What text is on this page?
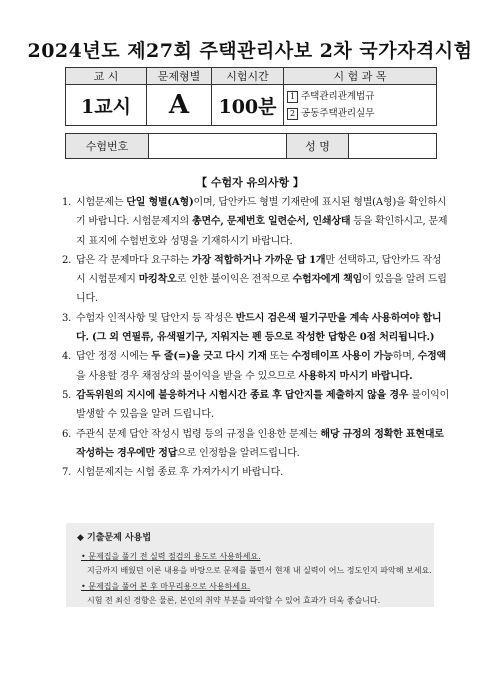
2024년도 제27회 주택관리사보 2차 국가자격시험
교 시	문제형별	시험시간	시 험 과 목
1교시	A	100분	1 주택관리관계법규
2 공동주택관리실무
수험번호		성 명	
【 수험자 유의사항 】
1. 시험문제는 단일 형별(A형)이며, 답안카드 형별 기재란에 표시된 형별(A형)을 확인하시기 바랍니다. 시험문제지의 총면수, 문제번호 일련순서, 인쇄상태 등을 확인하시고, 문제지 표지에 수험번호와 성명을 기재하시기 바랍니다.
2. 답은 각 문제마다 요구하는 가장 적합하거나 가까운 답 1개만 선택하고, 답안카드 작성 시 시험문제지 마킹착오로 인한 불이익은 전적으로 수험자에게 책임이 있음을 알려 드립니다.
3. 수험자 인적사항 및 답안지 등 작성은 반드시 검은색 필기구만을 계속 사용하여야 합니다. (그 외 연필류, 유색필기구, 지워지는 펜 등으로 작성한 답항은 0점 처리됩니다.)
4. 답안 정정 시에는 두 줄(=)을 긋고 다시 기재 또는 수정테이프 사용이 가능하며, 수정액을 사용할 경우 채점상의 불이익을 받을 수 있으므로 사용하지 마시기 바랍니다.
5. 감독위원의 지시에 불응하거나 시험시간 종료 후 답안지를 제출하지 않을 경우 불이익이 발생할 수 있음을 알려 드립니다.
6. 주관식 문제 답안 작성시 법령 등의 규정을 인용한 문제는 해당 규정의 정확한 표현대로 작성하는 경우에만 정답으로 인정함을 알려드립니다.
7. 시험문제지는 시험 종료 후 가져가시기 바랍니다.
◆ 기출문제 사용법
• 문제집을 풀기 전 실력 점검의 용도로 사용하세요.
지금까지 배웠던 이론 내용을 바탕으로 문제를 풀면서 현재 내 실력이 어느 정도인지 파악해 보세요.
• 문제집을 풀어 본 후 마무리용으로 사용하세요.
시험 전 최신 경향은 물론, 본인의 취약 부분을 파악할 수 있어 효과가 더욱 좋습니다.
